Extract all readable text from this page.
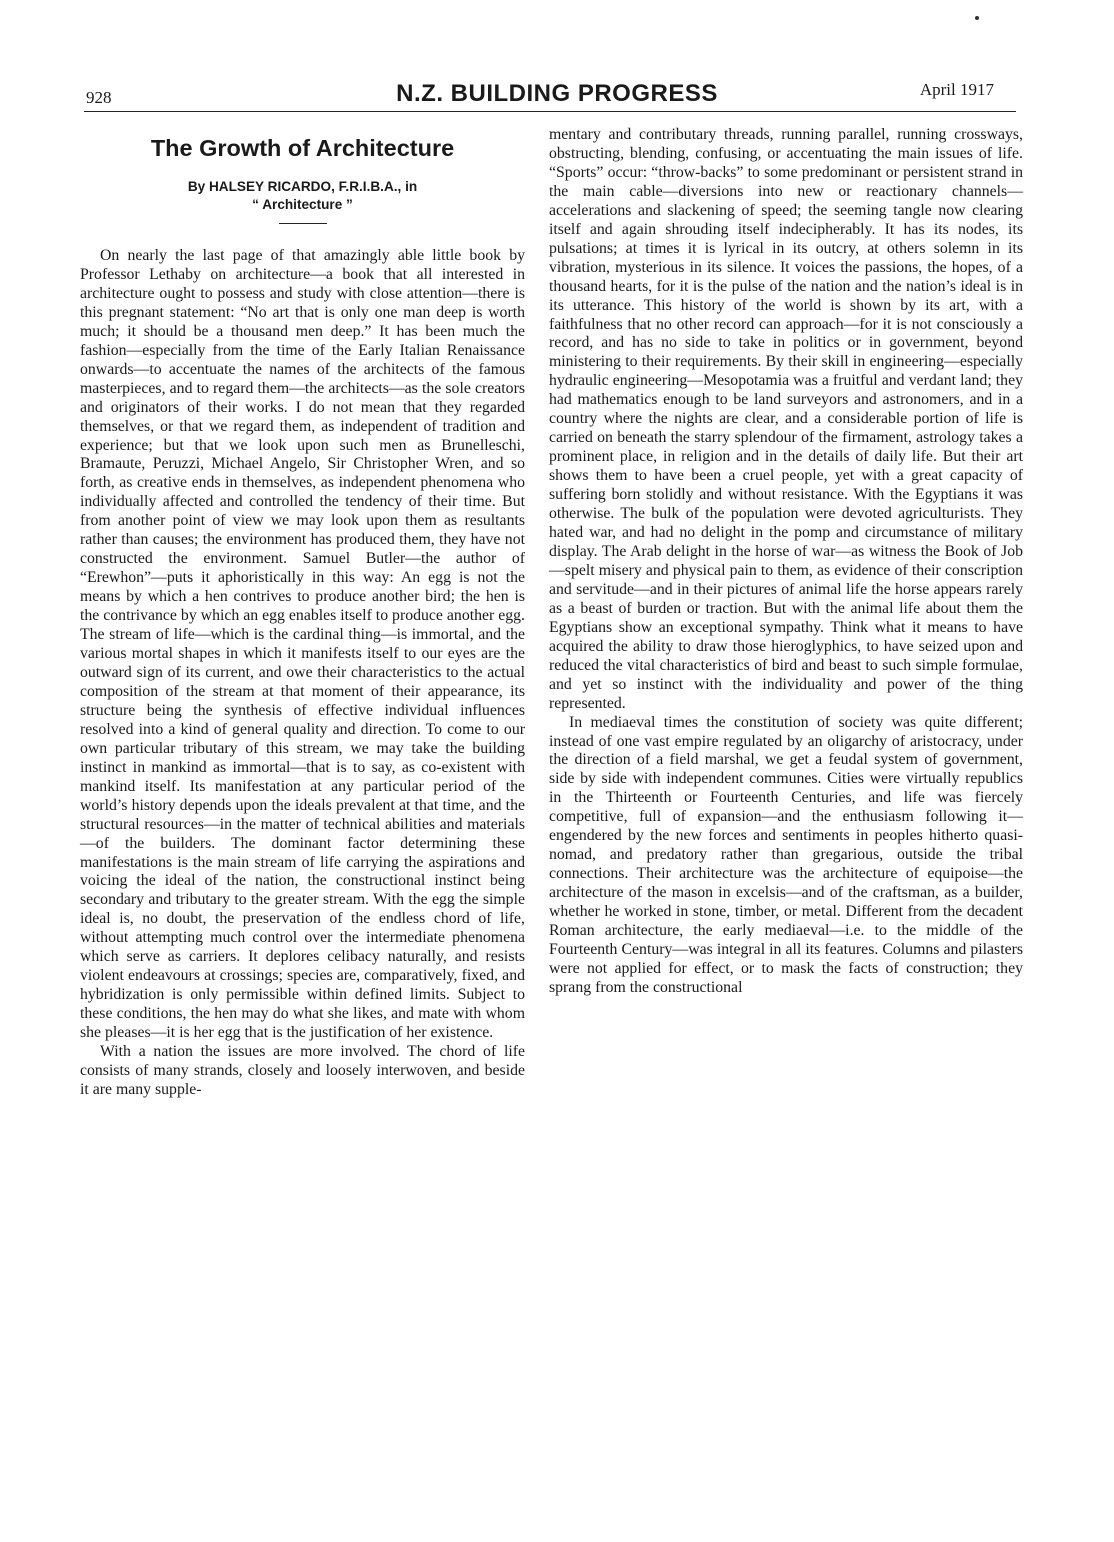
928	N.Z. BUILDING PROGRESS	April 1917
The Growth of Architecture
By HALSEY RICARDO, F.R.I.B.A., in
“ Architecture ”

On nearly the last page of that amazingly able little book by Professor Lethaby on architecture—a book that all interested in architecture ought to possess and study with close attention—there is this pregnant statement: “No art that is only one man deep is worth much; it should be a thousand men deep.” It has been much the fashion—especially from the time of the Early Italian Renaissance onwards—to accentuate the names of the architects of the famous masterpieces, and to regard them—the architects—as the sole creators and originators of their works. I do not mean that they regarded themselves, or that we regard them, as independent of tradition and experience; but that we look upon such men as Brunelleschi, Bramaute, Peruzzi, Michael Angelo, Sir Christopher Wren, and so forth, as creative ends in themselves, as independent phenomena who individually affected and controlled the tendency of their time. But from another point of view we may look upon them as resultants rather than causes; the environment has produced them, they have not constructed the environment. Samuel Butler—the author of “Erewhon”—puts it aphoristically in this way: An egg is not the means by which a hen contrives to produce another bird; the hen is the contrivance by which an egg enables itself to produce another egg. The stream of life—which is the cardinal thing—is immortal, and the various mortal shapes in which it manifests itself to our eyes are the outward sign of its current, and owe their characteristics to the actual composition of the stream at that moment of their appearance, its structure being the synthesis of effective individual influences resolved into a kind of general quality and direction. To come to our own particular tributary of this stream, we may take the building instinct in mankind as immortal—that is to say, as co-existent with mankind itself. Its manifestation at any particular period of the world’s history depends upon the ideals prevalent at that time, and the structural resources—in the matter of technical abilities and materials—of the builders. The dominant factor determining these manifestations is the main stream of life carrying the aspirations and voicing the ideal of the nation, the constructional instinct being secondary and tributary to the greater stream. With the egg the simple ideal is, no doubt, the preservation of the endless chord of life, without attempting much control over the intermediate phenomena which serve as carriers. It deplores celibacy naturally, and resists violent endeavours at crossings; species are, comparatively, fixed, and hybridization is only permissible within defined limits. Subject to these conditions, the hen may do what she likes, and mate with whom she pleases—it is her egg that is the justification of her existence.

With a nation the issues are more involved. The chord of life consists of many strands, closely and loosely interwoven, and beside it are many supple-

mentary and contributary threads, running parallel, running crossways, obstructing, blending, confusing, or accentuating the main issues of life. “Sports” occur: “throw-backs” to some predominant or persistent strand in the main cable—diversions into new or reactionary channels—accelerations and slackening of speed; the seeming tangle now clearing itself and again shrouding itself indecipherably. It has its nodes, its pulsations; at times it is lyrical in its outcry, at others solemn in its vibration, mysterious in its silence. It voices the passions, the hopes, of a thousand hearts, for it is the pulse of the nation and the nation’s ideal is in its utterance. This history of the world is shown by its art, with a faithfulness that no other record can approach—for it is not consciously a record, and has no side to take in politics or in government, beyond ministering to their requirements. By their skill in engineering—especially hydraulic engineering—Mesopotamia was a fruitful and verdant land; they had mathematics enough to be land surveyors and astronomers, and in a country where the nights are clear, and a considerable portion of life is carried on beneath the starry splendour of the firmament, astrology takes a prominent place, in religion and in the details of daily life. But their art shows them to have been a cruel people, yet with a great capacity of suffering born stolidly and without resistance. With the Egyptians it was otherwise. The bulk of the population were devoted agriculturists. They hated war, and had no delight in the pomp and circumstance of military display. The Arab delight in the horse of war—as witness the Book of Job—spelt misery and physical pain to them, as evidence of their conscription and servitude—and in their pictures of animal life the horse appears rarely as a beast of burden or traction. But with the animal life about them the Egyptians show an exceptional sympathy. Think what it means to have acquired the ability to draw those hieroglyphics, to have seized upon and reduced the vital characteristics of bird and beast to such simple formulae, and yet so instinct with the individuality and power of the thing represented.

In mediaeval times the constitution of society was quite different; instead of one vast empire regulated by an oligarchy of aristocracy, under the direction of a field marshal, we get a feudal system of government, side by side with independent communes. Cities were virtually republics in the Thirteenth or Fourteenth Centuries, and life was fiercely competitive, full of expansion—and the enthusiasm following it—engendered by the new forces and sentiments in peoples hitherto quasi-nomad, and predatory rather than gregarious, outside the tribal connections. Their architecture was the architecture of equipoise—the architecture of the mason in excelsis—and of the craftsman, as a builder, whether he worked in stone, timber, or metal. Different from the decadent Roman architecture, the early mediaeval—i.e. to the middle of the Fourteenth Century—was integral in all its features. Columns and pilasters were not applied for effect, or to mask the facts of construction; they sprang from the constructional
